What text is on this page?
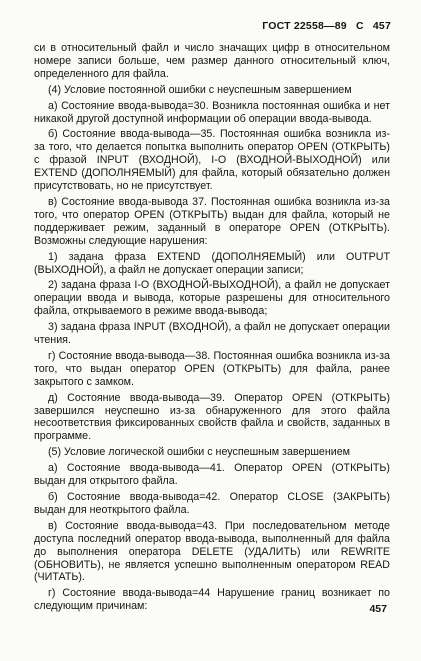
ГОСТ 22558—89 С 457

си в относительный файл и число значащих цифр в относительном номере записи больше, чем размер данного относительный ключ, определенного для файла.

(4) Условие постоянной ошибки с неуспешным завершением

а) Состояние ввода-вывода=30. Возникла постоянная ошибка и нет никакой другой доступной информации об операции ввода-вывода.

б) Состояние ввода-вывода—35. Постоянная ошибка возникла из-за того, что делается попытка выполнить оператор OPEN (ОТКРЫТЬ) с фразой INPUT (ВХОДНОЙ), I-O (ВХОДНОЙ-ВЫХОДНОЙ) или EXTEND (ДОПОЛНЯЕМЫЙ) для файла, который обязательно должен присутствовать, но не присутствует.

в) Состояние ввода-вывода 37. Постоянная ошибка возникла из-за того, что оператор OPEN (ОТКРЫТЬ) выдан для файла, который не поддерживает режим, заданный в операторе OPEN (ОТКРЫТЬ). Возможны следующие нарушения:

1) задана фраза EXTEND (ДОПОЛНЯЕМЫЙ) или OUTPUT (ВЫХОДНОЙ), а файл не допускает операции записи;

2) задана фраза I-O (ВХОДНОЙ-ВЫХОДНОЙ), а файл не допускает операции ввода и вывода, которые разрешены для относительного файла, открываемого в режиме ввода-вывода;

3) задана фраза INPUT (ВХОДНОЙ), а файл не допускает операции чтения.

г) Состояние ввода-вывода—38. Постоянная ошибка возникла из-за того, что выдан оператор OPEN (ОТКРЫТЬ) для файла, ранее закрытого с замком.

д) Состояние ввода-вывода—39. Оператор OPEN (ОТКРЫТЬ) завершился неуспешно из-за обнаруженного для этого файла несоответствия фиксированных свойств файла и свойств, заданных в программе.

(5) Условие логической ошибки с неуспешным завершением

а) Состояние ввода-вывода—41. Оператор OPEN (ОТКРЫТЬ) выдан для открытого файла.

б) Состояние ввода-вывода=42. Оператор CLOSE (ЗАКРЫТЬ) выдан для неоткрытого файла.

в) Состояние ввода-вывода=43. При последовательном методе доступа последний оператор ввода-вывода, выполненный для файла до выполнения оператора DELETE (УДАЛИТЬ) или REWRITE (ОБНОВИТЬ), не является успешно выполненным оператором READ (ЧИТАТЬ).

г) Состояние ввода-вывода=44 Нарушение границ возникает по следующим причинам:	457
